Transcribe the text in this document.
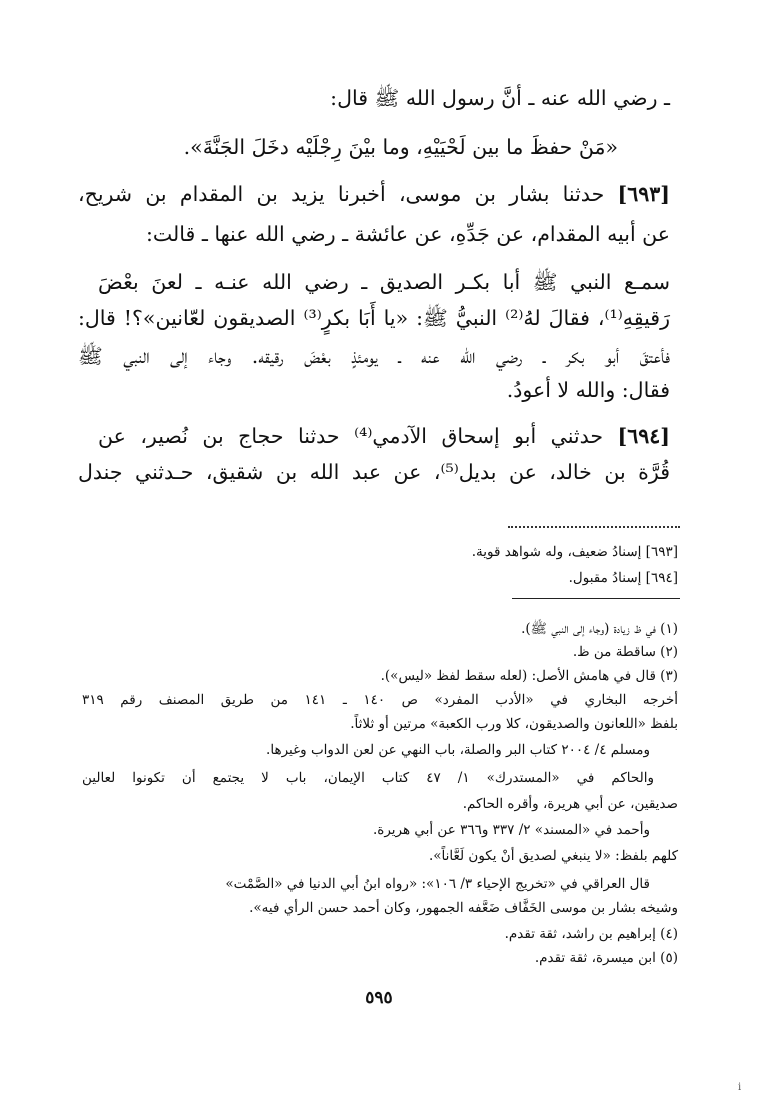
ـ رضي الله عنه ـ أنَّ رسول الله ﷺ قال:
«مَنْ حفظَ ما بين لَحْيَيْهِ، وما بيْنَ رِجْلَيْه دخَلَ الجَنَّةَ».
[٦٩٣] حدثنا بشار بن موسى، أخبرنا يزيد بن المقدام بن شريح،
عن أبيه المقدام، عن جَدِّهِ، عن عائشة ـ رضي الله عنها ـ قالت:
سمـع النبي ﷺ أبا بكـر الصديق ـ رضي الله عنـه ـ لعنَ بعْضَ
رَقيقِهِ⁽¹⁾، فقالَ لهُ⁽²⁾ النبيُّ ﷺ: «يا أَبَا بكرٍ⁽³⁾ الصديقون لعّانين»؟! قال:
فأعتقَ أبو بكر ـ رضي الله عنه ـ يومئذٍ بعْضَ رقيقه. وجاء إلى النبي ﷺ
فقال: والله لا أعودُ.
[٦٩٤] حدثني أبو إسحاق الآدمي⁽⁴⁾ حدثنا حجاج بن نُصير، عن
قُرَّة بن خالد، عن بديل⁽⁵⁾، عن عبد الله بن شقيق، حـدثني جندل
[٦٩٣] إسنادُ ضعيف، وله شواهد قوية.
[٦٩٤] إسنادُ مقبول.
(١) في ظ زيادة (وجاء إلى النبي ﷺ).
(٢) ساقطة من ظ.
(٣) قال في هامش الأصل: (لعله سقط لفظ «ليس»).
أخرجه البخاري في «الأدب المفرد» ص ١٤٠ ـ ١٤١ من طريق المصنف رقم ٣١٩
بلفظ «اللعانون والصديقون، كلا ورب الكعبة» مرتين أو ثلاثاً.
ومسلم ٤/ ٢٠٠٤ كتاب البر والصلة، باب النهي عن لعن الدواب وغيرها.
والحاكم في «المستدرك» ١/ ٤٧ كتاب الإيمان، باب لا يجتمع أن تكونوا لعالين
صديقين، عن أبي هريرة، وأقره الحاكم.
وأحمد في «المسند» ٢/ ٣٣٧ و٣٦٦ عن أبي هريرة.
كلهم بلفظ: «لا ينبغي لصديق أنْ يكون لَعَّاناً».
قال العراقي في «تخريج الإحياء ٣/ ١٠٦»: «رواه ابنُ أبي الدنيا في «الصَّمْت»
وشيخه بشار بن موسى الخَفَّاف ضَعَّفه الجمهور، وكان أحمد حسن الرأي فيه».
(٤) إبراهيم بن راشد، ثقة تقدم.
(٥) ابن ميسرة، ثقة تقدم.
٥٩٥
i
